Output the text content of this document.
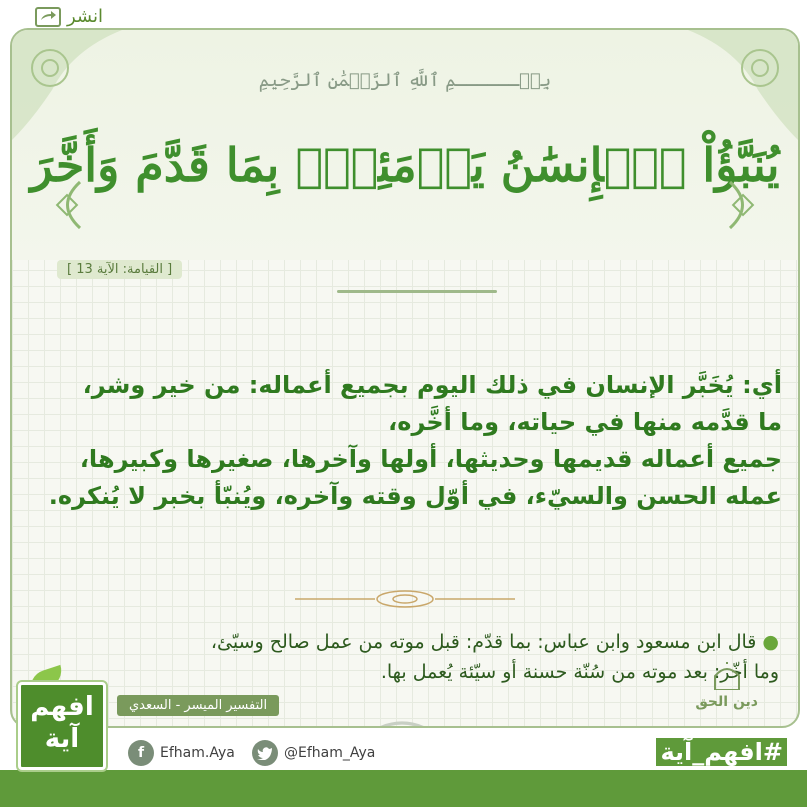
انشر
بِسۡــــــمِ ٱللَّهِ ٱلرَّحۡمَٰنِ ٱلرَّحِيمِ
يُنَبَّؤُاْ ٱلۡإِنسَٰنُ يَوۡمَئِذِۢ بِمَا قَدَّمَ وَأَخَّرَ
[ القيامة: الآية 13 ]
أي: يُخَبَّر الإنسان في ذلك اليوم بجميع أعماله: من خير وشر،
ما قدَّمه منها في حياته، وما أخَّره،
جميع أعماله قديمها وحديثها، أولها وآخرها، صغيرها وكبيرها،
عمله الحسن والسيّء، في أوّل وقته وآخره، ويُنبّأ بخبر لا يُنكره.
● قال ابن مسعود وابن عباس: بما قدّم: قبل موته من عمل صالح وسيّئ،
وما أخّر: بعد موته من سُنّة حسنة أو سيّئة يُعمل بها.
التفسير الميسر - السعدي	دين الحق
f	Efham.Aya	@Efham_Aya	#افهم_آية
افهم
آية
